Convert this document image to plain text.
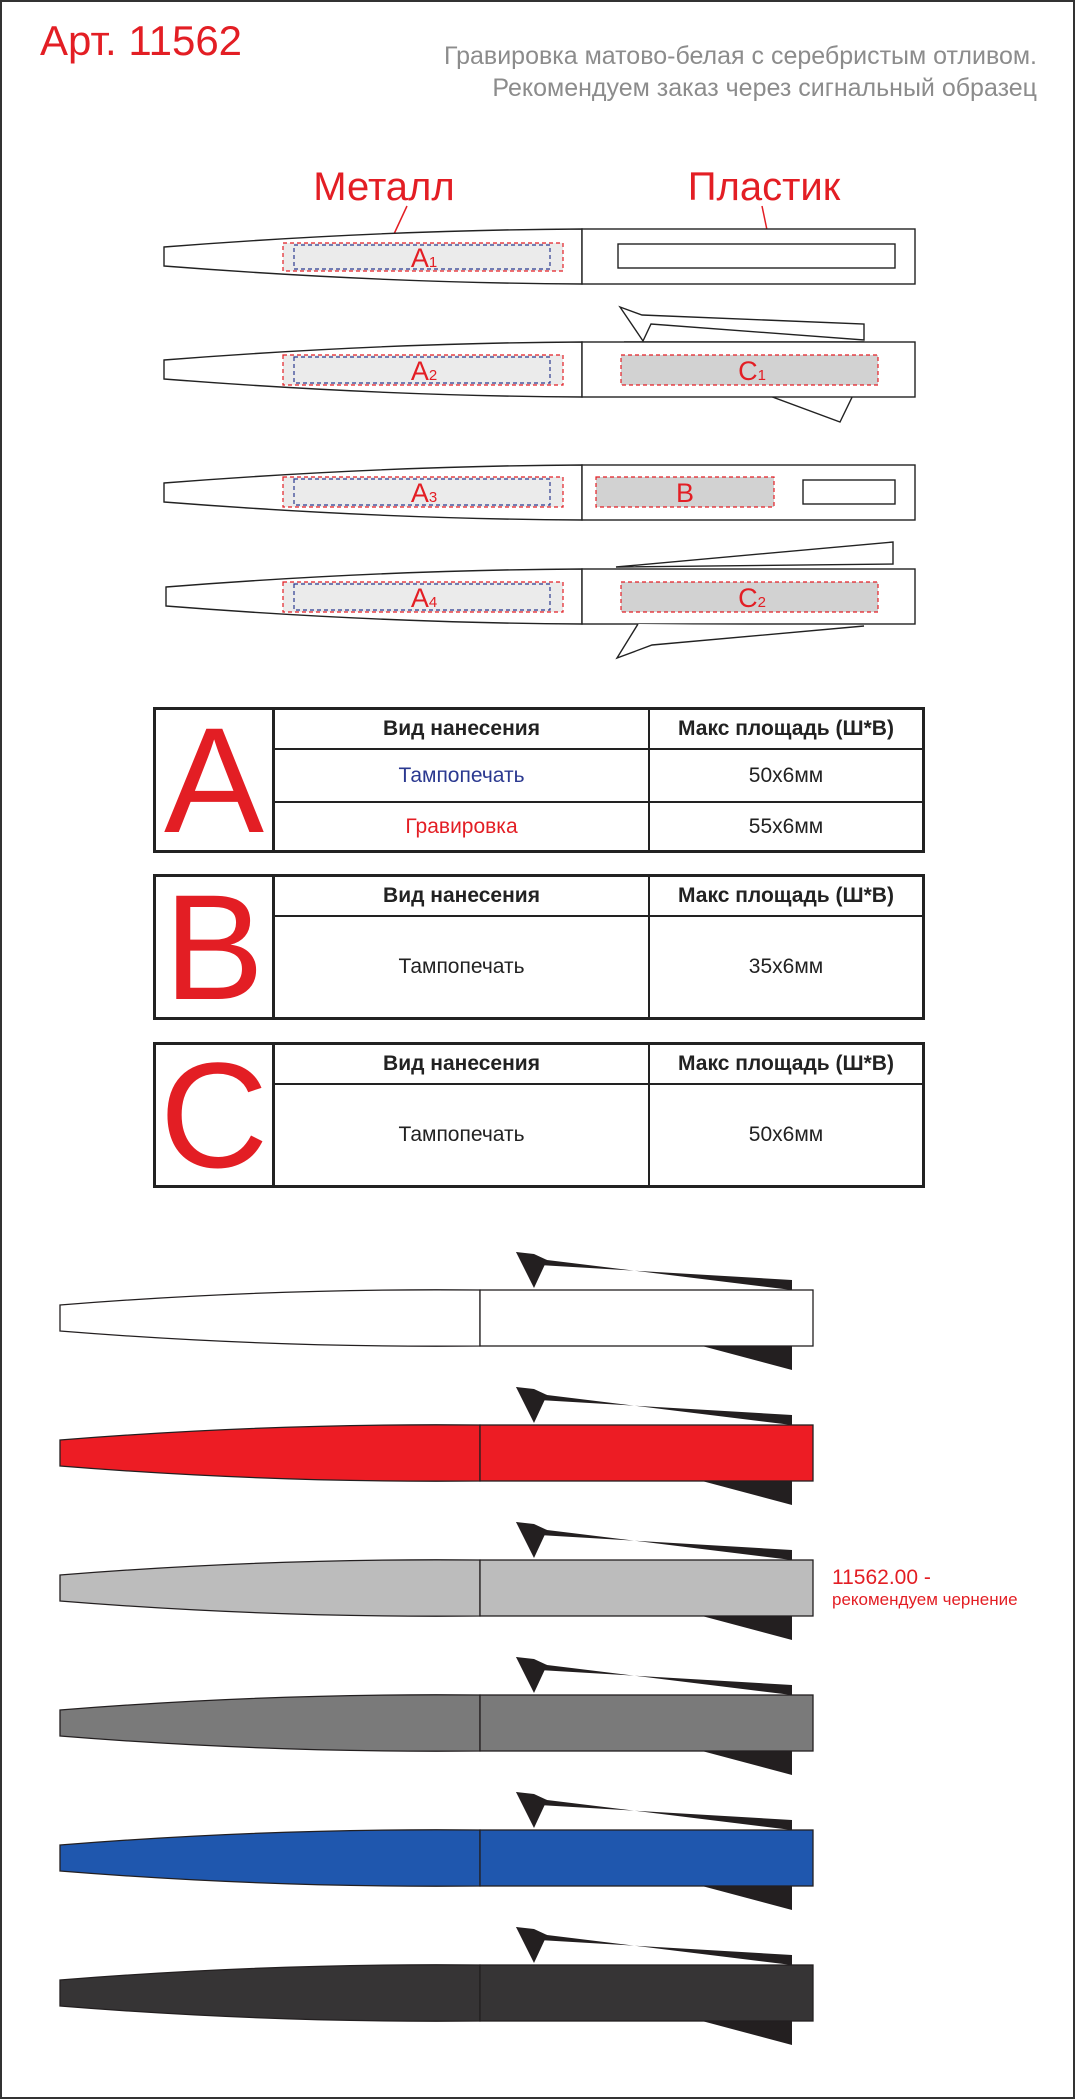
Арт. 11562	Гравировка матово-белая с серебристым отливом.
Рекомендуем заказ через сигнальный образец
Металл	Пластик
A1
A2	C1
A3	B
A4	C2
A	Вид нанесения	Макс площадь (Ш*В)
Тампопечать	50х6мм
Гравировка	55х6мм
B	Вид нанесения	Макс площадь (Ш*В)
Тампопечать	35х6мм
C	Вид нанесения	Макс площадь (Ш*В)
Тампопечать	50х6мм
11562.00 -
рекомендуем чернение
